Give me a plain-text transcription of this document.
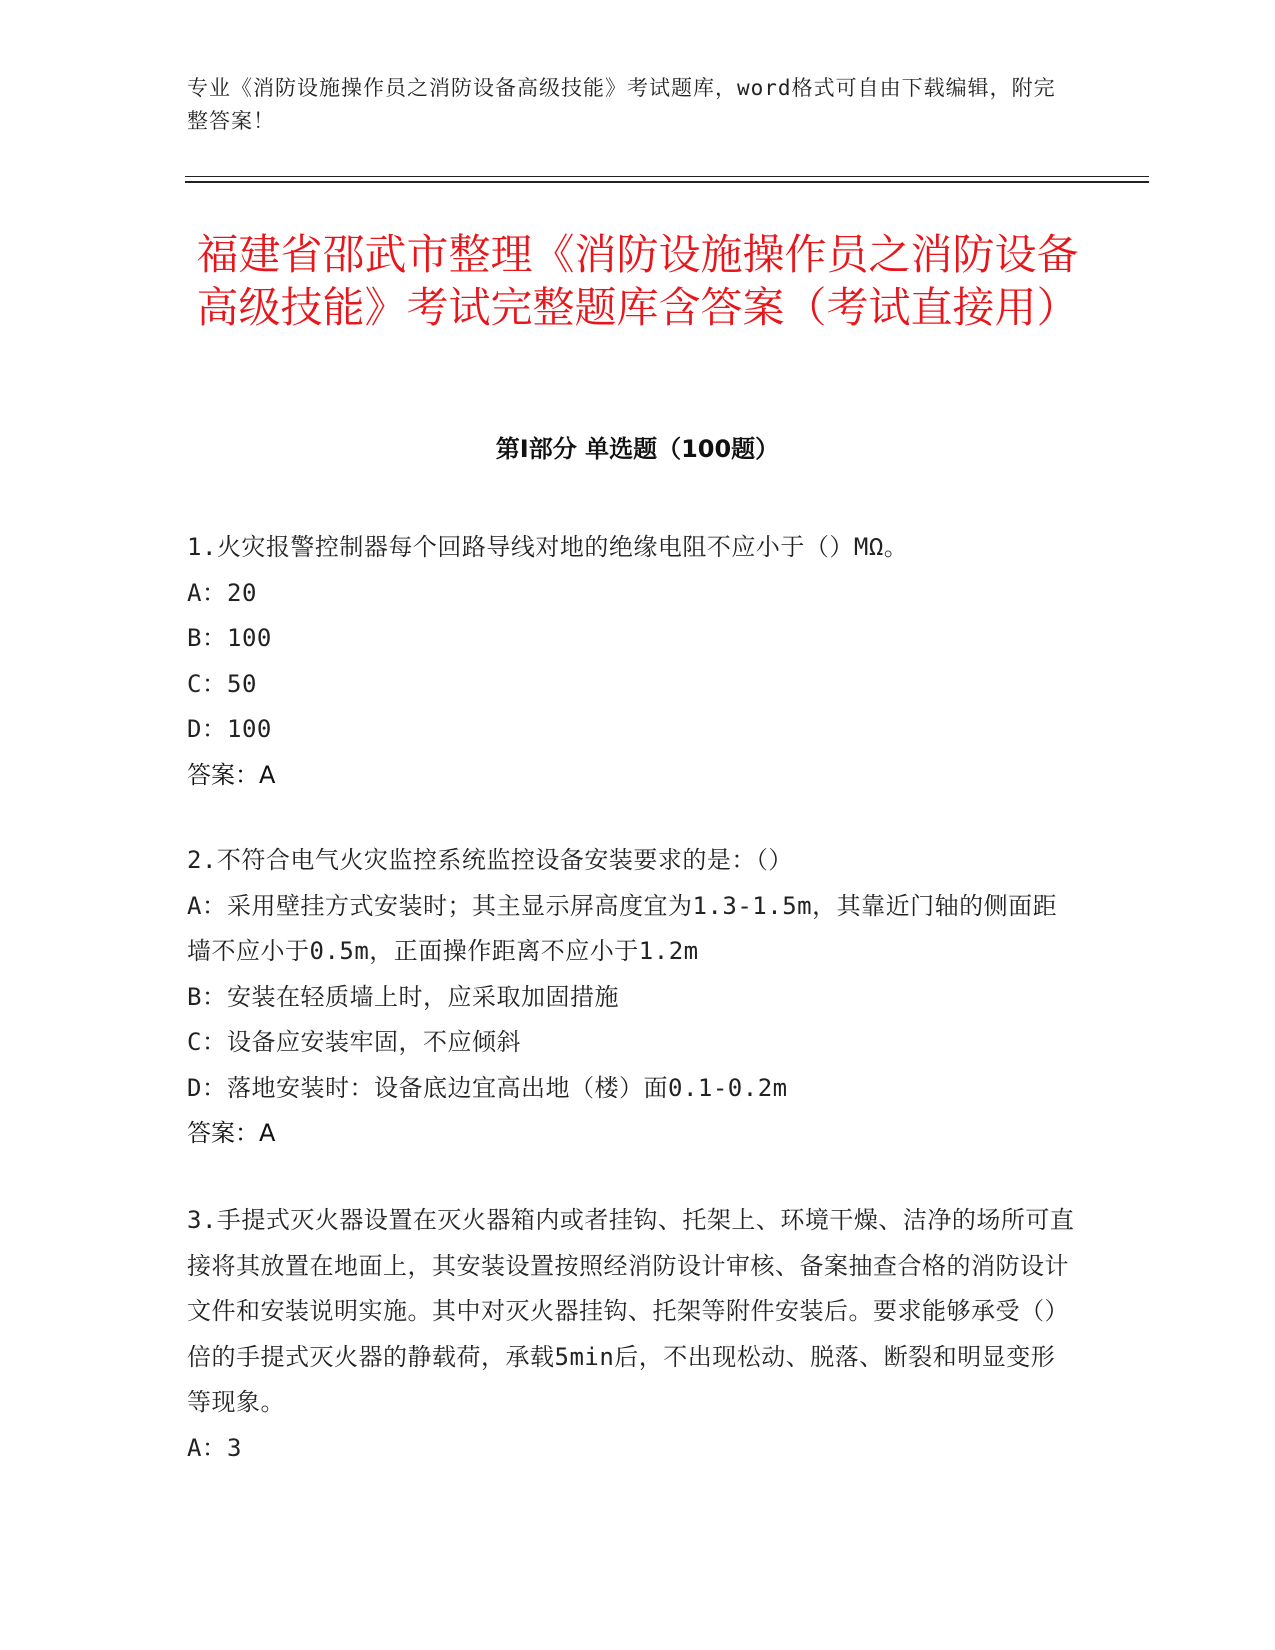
专业《消防设施操作员之消防设备高级技能》考试题库，word格式可自由下载编辑，附完整答案！
福建省邵武市整理《消防设施操作员之消防设备高级技能》考试完整题库含答案（考试直接用）
第I部分 单选题（100题）
1.火灾报警控制器每个回路导线对地的绝缘电阻不应小于（）MΩ。
A：20
B：100
C：50
D：100
答案：A
2.不符合电气火灾监控系统监控设备安装要求的是：（）
A：采用壁挂方式安装时；其主显示屏高度宜为1.3-1.5m，其靠近门轴的侧面距墙不应小于0.5m，正面操作距离不应小于1.2m
B：安装在轻质墙上时，应采取加固措施
C：设备应安装牢固，不应倾斜
D：落地安装时：设备底边宜高出地（楼）面0.1-0.2m
答案：A
3.手提式灭火器设置在灭火器箱内或者挂钩、托架上、环境干燥、洁净的场所可直接将其放置在地面上，其安装设置按照经消防设计审核、备案抽查合格的消防设计文件和安装说明实施。其中对灭火器挂钩、托架等附件安装后。要求能够承受（）倍的手提式灭火器的静载荷，承载5min后，不出现松动、脱落、断裂和明显变形等现象。
A：3
